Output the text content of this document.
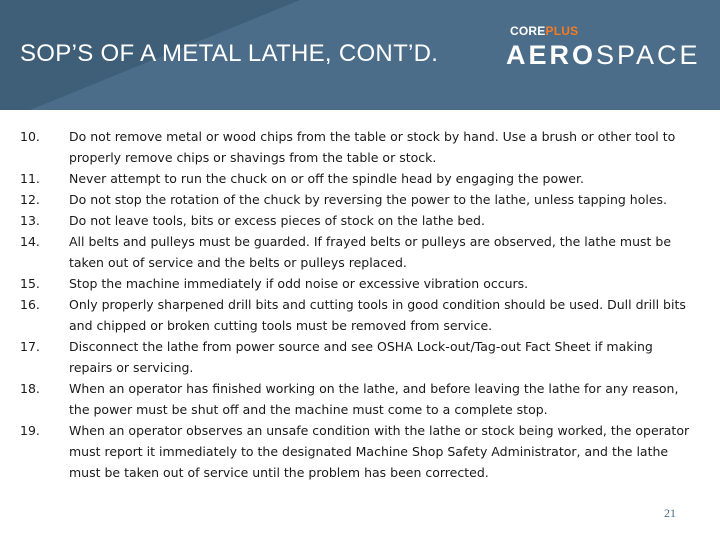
SOP’S OF A METAL LATHE, CONT’D.
COREPLUS
AEROSPACE
10.	Do not remove metal or wood chips from the table or stock by hand. Use a brush or other tool to properly remove chips or shavings from the table or stock.
11.	Never attempt to run the chuck on or off the spindle head by engaging the power.
12.	Do not stop the rotation of the chuck by reversing the power to the lathe, unless tapping holes.
13.	Do not leave tools, bits or excess pieces of stock on the lathe bed.
14.	All belts and pulleys must be guarded. If frayed belts or pulleys are observed, the lathe must be taken out of service and the belts or pulleys replaced.
15.	Stop the machine immediately if odd noise or excessive vibration occurs.
16.	Only properly sharpened drill bits and cutting tools in good condition should be used. Dull drill bits and chipped or broken cutting tools must be removed from service.
17.	Disconnect the lathe from power source and see OSHA Lock-out/Tag-out Fact Sheet if making repairs or servicing.
18.	When an operator has finished working on the lathe, and before leaving the lathe for any reason, the power must be shut off and the machine must come to a complete stop.
19.	When an operator observes an unsafe condition with the lathe or stock being worked, the operator must report it immediately to the designated Machine Shop Safety Administrator, and the lathe must be taken out of service until the problem has been corrected.
21
